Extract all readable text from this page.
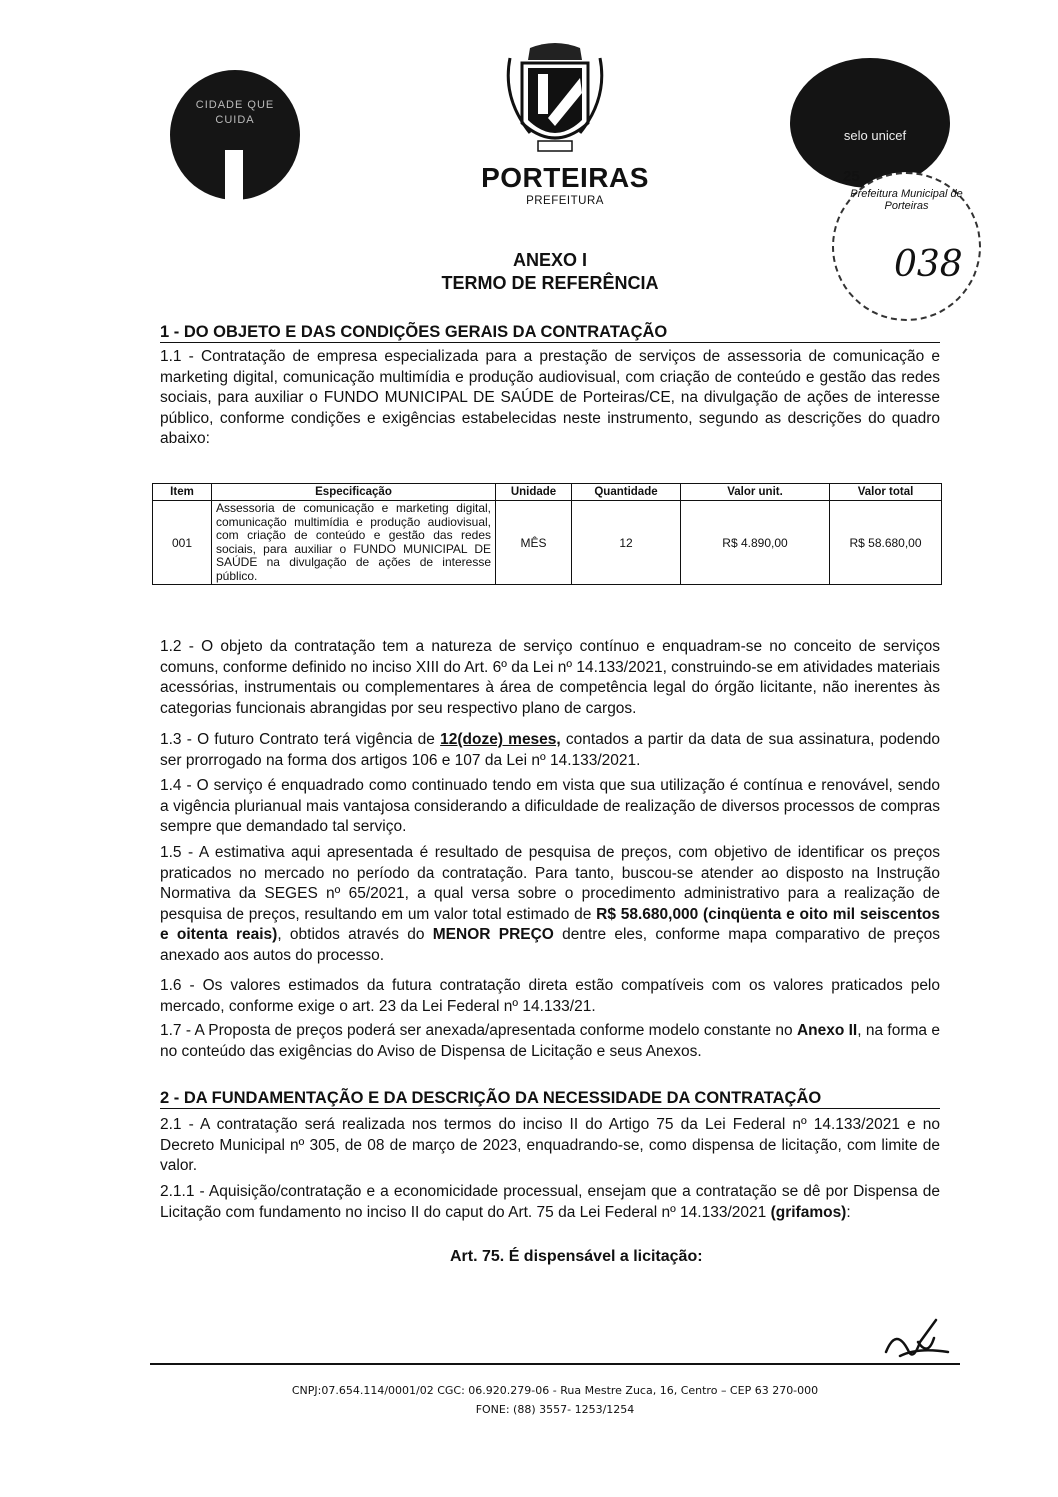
CIDADE QUE CUIDA
PORTEIRAS
PREFEITURA
selo unicef
Prefeitura Municipal de Porteiras
038
25
ANEXO I
TERMO DE REFERÊNCIA
1 - DO OBJETO E DAS CONDIÇÕES GERAIS DA CONTRATAÇÃO

1.1 - Contratação de empresa especializada para a prestação de serviços de assessoria de comunicação e marketing digital, comunicação multimídia e produção audiovisual, com criação de conteúdo e gestão das redes sociais, para auxiliar o FUNDO MUNICIPAL DE SAÚDE de Porteiras/CE, na divulgação de ações de interesse público, conforme condições e exigências estabelecidas neste instrumento, segundo as descrições do quadro abaixo:

Item	Especificação	Unidade	Quantidade	Valor unit.	Valor total
001	Assessoria de comunicação e marketing digital, comunicação multimídia e produção audiovisual, com criação de conteúdo e gestão das redes sociais, para auxiliar o FUNDO MUNICIPAL DE SAÚDE na divulgação de ações de interesse público.	MÊS	12	R$ 4.890,00	R$ 58.680,00

1.2 - O objeto da contratação tem a natureza de serviço contínuo e enquadram-se no conceito de serviços comuns, conforme definido no inciso XIII do Art. 6º da Lei nº 14.133/2021, construindo-se em atividades materiais acessórias, instrumentais ou complementares à área de competência legal do órgão licitante, não inerentes às categorias funcionais abrangidas por seu respectivo plano de cargos.

1.3 - O futuro Contrato terá vigência de 12(doze) meses, contados a partir da data de sua assinatura, podendo ser prorrogado na forma dos artigos 106 e 107 da Lei nº 14.133/2021.

1.4 - O serviço é enquadrado como continuado tendo em vista que sua utilização é contínua e renovável, sendo a vigência plurianual mais vantajosa considerando a dificuldade de realização de diversos processos de compras sempre que demandado tal serviço.

1.5 - A estimativa aqui apresentada é resultado de pesquisa de preços, com objetivo de identificar os preços praticados no mercado no período da contratação. Para tanto, buscou-se atender ao disposto na Instrução Normativa da SEGES nº 65/2021, a qual versa sobre o procedimento administrativo para a realização de pesquisa de preços, resultando em um valor total estimado de R$ 58.680,000 (cinqüenta e oito mil seiscentos e oitenta reais), obtidos através do MENOR PREÇO dentre eles, conforme mapa comparativo de preços anexado aos autos do processo.

1.6 - Os valores estimados da futura contratação direta estão compatíveis com os valores praticados pelo mercado, conforme exige o art. 23 da Lei Federal nº 14.133/21.

1.7 - A Proposta de preços poderá ser anexada/apresentada conforme modelo constante no Anexo II, na forma e no conteúdo das exigências do Aviso de Dispensa de Licitação e seus Anexos.

2 - DA FUNDAMENTAÇÃO E DA DESCRIÇÃO DA NECESSIDADE DA CONTRATAÇÃO

2.1 - A contratação será realizada nos termos do inciso II do Artigo 75 da Lei Federal nº 14.133/2021 e no Decreto Municipal nº 305, de 08 de março de 2023, enquadrando-se, como dispensa de licitação, com limite de valor.

2.1.1 - Aquisição/contratação e a economicidade processual, ensejam que a contratação se dê por Dispensa de Licitação com fundamento no inciso II do caput do Art. 75 da Lei Federal nº 14.133/2021 (grifamos):

Art. 75. É dispensável a licitação:
CNPJ:07.654.114/0001/02 CGC: 06.920.279-06 - Rua Mestre Zuca, 16, Centro – CEP 63 270-000
FONE: (88) 3557- 1253/1254
